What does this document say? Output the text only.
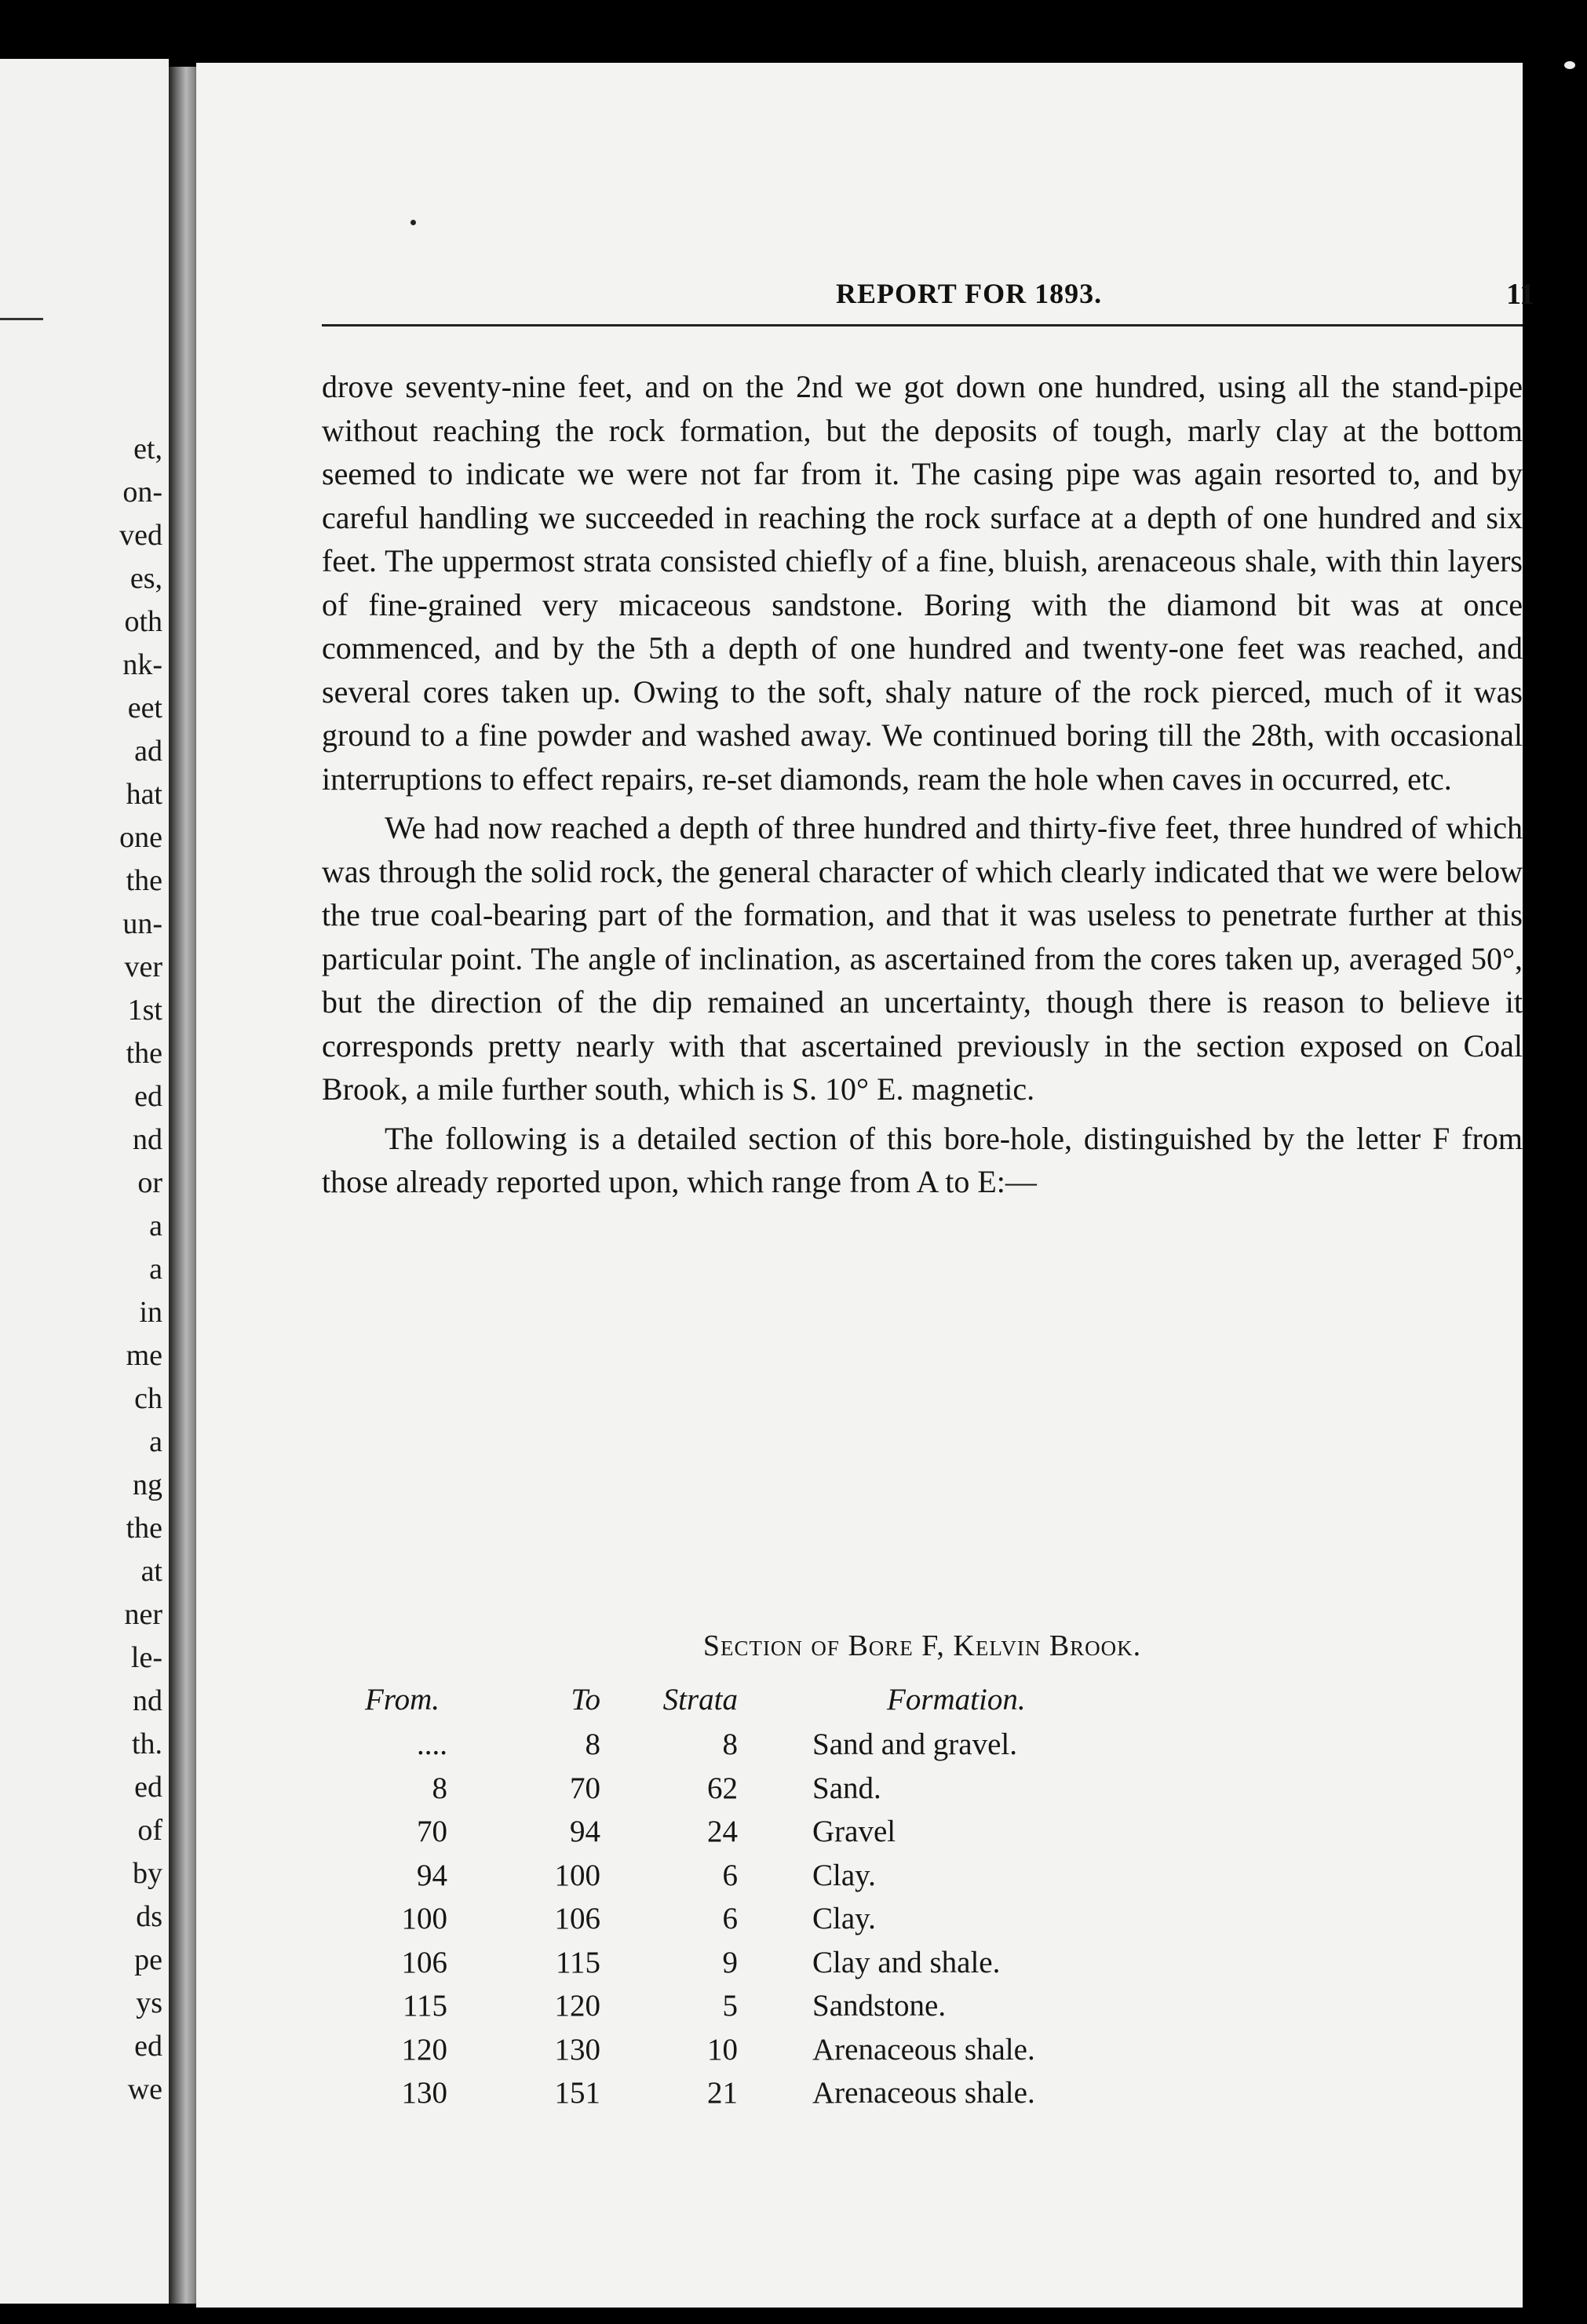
et,
on-
ved
es,
oth
nk-
eet
ad
hat
one
the
un-
ver
1st
the
ed
nd
or
a
a
in
me
ch
a
ng
the
at
ner
le-
nd
th.
ed
of
by
ds
pe
ys
ed
we
REPORT FOR 1893.	11

drove seventy-nine feet, and on the 2nd we got down one hundred, using all the stand-pipe without reaching the rock formation, but the deposits of tough, marly clay at the bottom seemed to indicate we were not far from it. The casing pipe was again resorted to, and by careful handling we succeeded in reaching the rock surface at a depth of one hundred and six feet. The uppermost strata consisted chiefly of a fine, bluish, arenaceous shale, with thin layers of fine-grained very micaceous sandstone. Boring with the diamond bit was at once commenced, and by the 5th a depth of one hundred and twenty-one feet was reached, and several cores taken up. Owing to the soft, shaly nature of the rock pierced, much of it was ground to a fine powder and washed away. We continued boring till the 28th, with occasional interruptions to effect repairs, re-set diamonds, ream the hole when caves in occurred, etc.

We had now reached a depth of three hundred and thirty-five feet, three hundred of which was through the solid rock, the general character of which clearly indicated that we were below the true coal-bearing part of the formation, and that it was useless to penetrate further at this particular point. The angle of inclination, as ascertained from the cores taken up, averaged 50°, but the direction of the dip remained an uncertainty, though there is reason to believe it corresponds pretty nearly with that ascertained previously in the section exposed on Coal Brook, a mile further south, which is S. 10° E. magnetic.

The following is a detailed section of this bore-hole, distinguished by the letter F from those already reported upon, which range from A to E:—

Section of Bore F, Kelvin Brook.
From.	To	Strata	Formation.
....	8	8	Sand and gravel.
8	70	62	Sand.
70	94	24	Gravel
94	100	6	Clay.
100	106	6	Clay.
106	115	9	Clay and shale.
115	120	5	Sandstone.
120	130	10	Arenaceous shale.
130	151	21	Arenaceous shale.
